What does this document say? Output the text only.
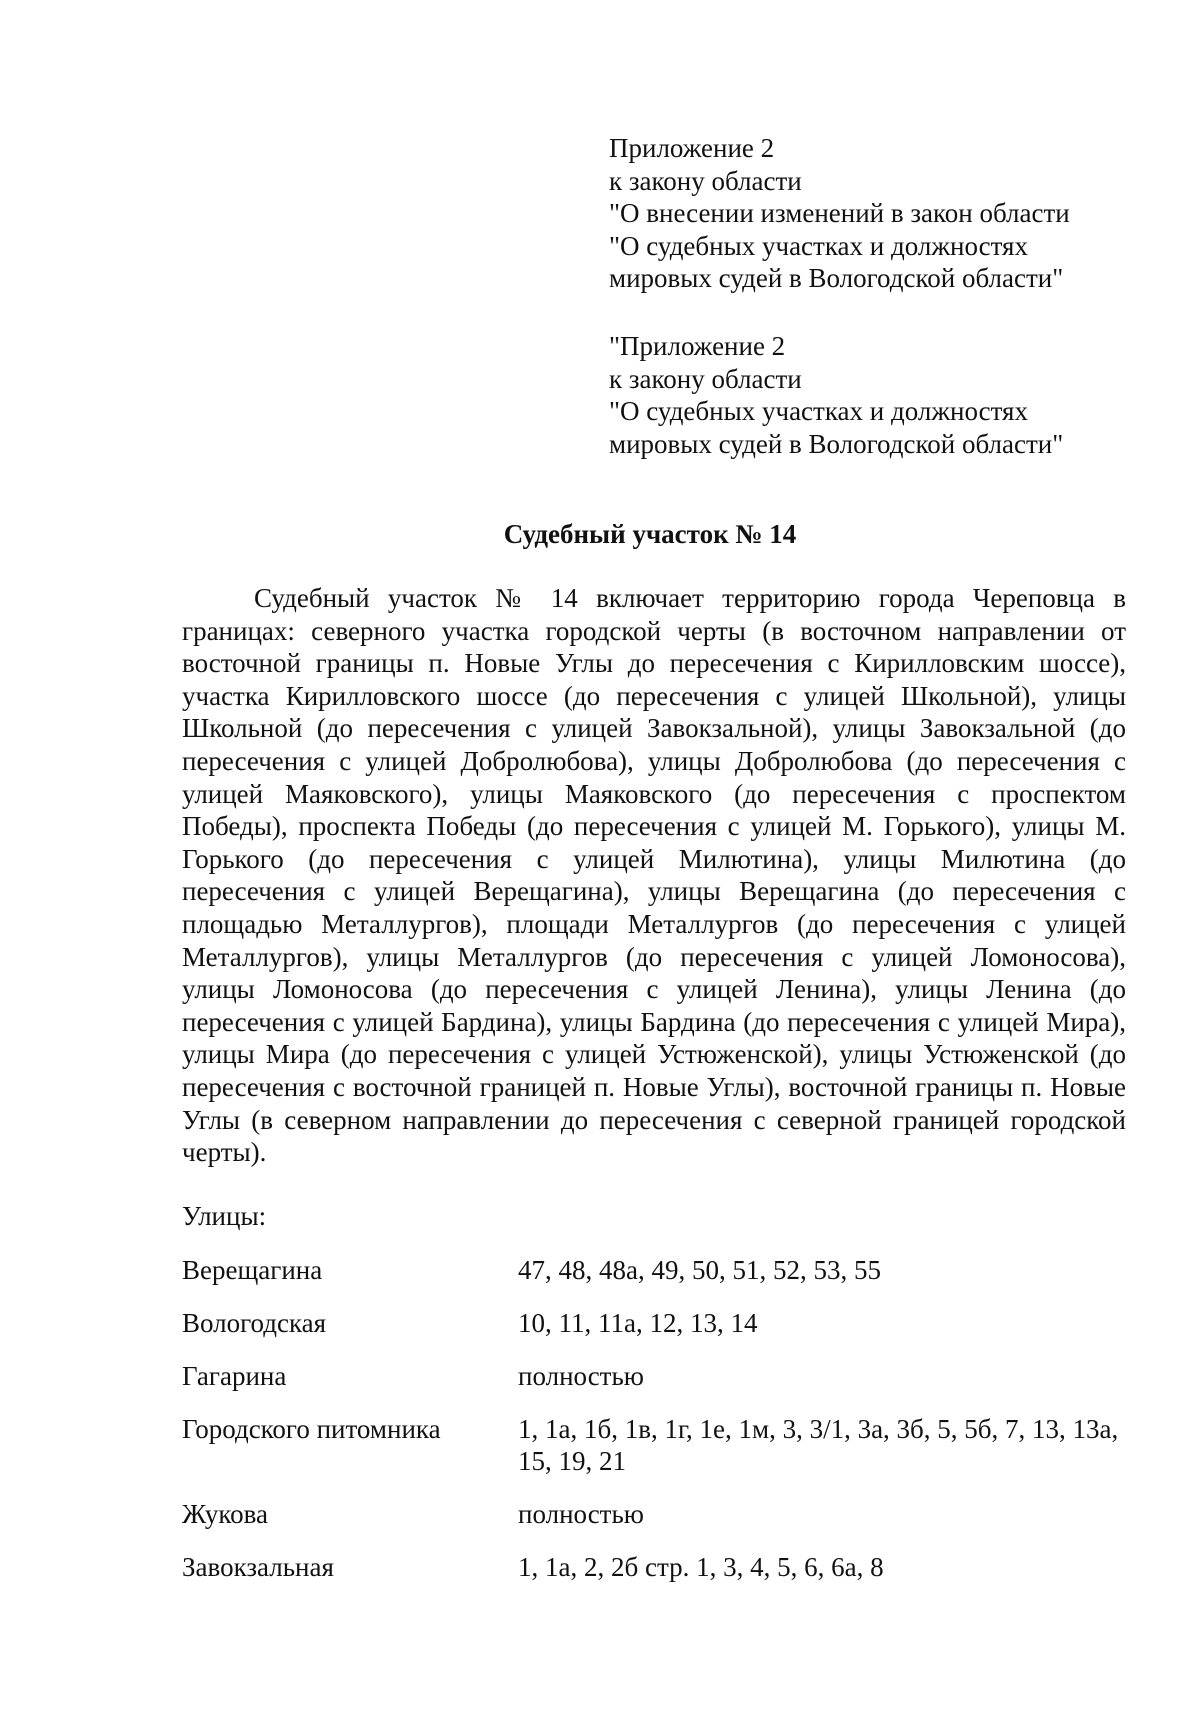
Приложение 2
к закону области
"О внесении изменений в закон области
"О судебных участках и должностях
мировых судей в Вологодской области"
"Приложение 2
к закону области
"О судебных участках и должностях
мировых судей в Вологодской области"
Судебный участок № 14

Судебный участок № 14 включает территорию города Череповца в границах: северного участка городской черты (в восточном направлении от восточной границы п. Новые Углы до пересечения с Кирилловским шоссе), участка Кирилловского шоссе (до пересечения с улицей Школьной), улицы Школьной (до пересечения с улицей Завокзальной), улицы Завокзальной (до пересечения с улицей Добролюбова), улицы Добролюбова (до пересечения с улицей Маяковского), улицы Маяковского (до пересечения с проспектом Победы), проспекта Победы (до пересечения с улицей М. Горького), улицы М. Горького (до пересечения с улицей Милютина), улицы Милютина (до пересечения с улицей Верещагина), улицы Верещагина (до пересечения с площадью Металлургов), площади Металлургов (до пересечения с улицей Металлургов), улицы Металлургов (до пересечения с улицей Ломоносова), улицы Ломоносова (до пересечения с улицей Ленина), улицы Ленина (до пересечения с улицей Бардина), улицы Бардина (до пересечения с улицей Мира), улицы Мира (до пересечения с улицей Устюженской), улицы Устюженской (до пересечения с восточной границей п. Новые Углы), восточной границы п. Новые Углы (в северном направлении до пересечения с северной границей городской черты).

Улицы:
Верещагина	47, 48, 48а, 49, 50, 51, 52, 53, 55
Вологодская	10, 11, 11а, 12, 13, 14
Гагарина	полностью
Городского питомника	1, 1а, 1б, 1в, 1г, 1е, 1м, 3, 3/1, 3а, 3б, 5, 5б, 7, 13, 13а, 15, 19, 21
Жукова	полностью
Завокзальная	1, 1а, 2, 2б стр. 1, 3, 4, 5, 6, 6а, 8
